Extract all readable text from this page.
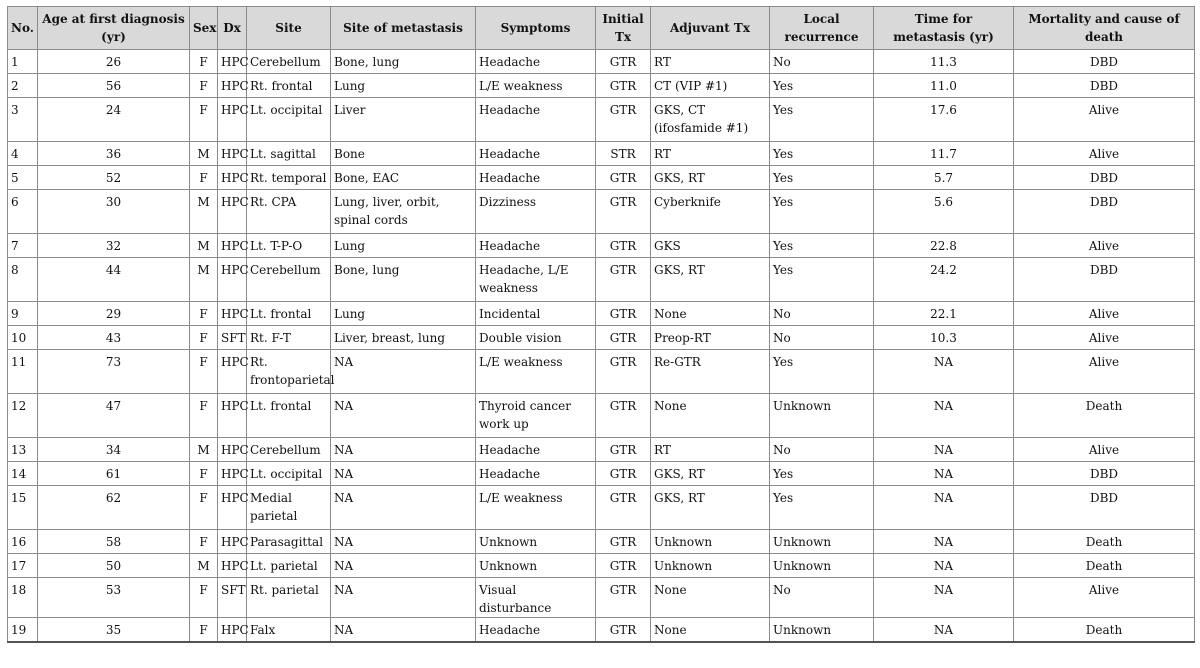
No.	Age at first diagnosis (yr)	Sex	Dx	Site	Site of metastasis	Symptoms	Initial Tx	Adjuvant Tx	Local recurrence	Time for metastasis (yr)	Mortality and cause of death
1	26	F	HPC	Cerebellum	Bone, lung	Headache	GTR	RT	No	11.3	DBD
2	56	F	HPC	Rt. frontal	Lung	L/E weakness	GTR	CT (VIP #1)	Yes	11.0	DBD
3	24	F	HPC	Lt. occipital	Liver	Headache	GTR	GKS, CT (ifosfamide #1)	Yes	17.6	Alive
4	36	M	HPC	Lt. sagittal	Bone	Headache	STR	RT	Yes	11.7	Alive
5	52	F	HPC	Rt. temporal	Bone, EAC	Headache	GTR	GKS, RT	Yes	5.7	DBD
6	30	M	HPC	Rt. CPA	Lung, liver, orbit, spinal cords	Dizziness	GTR	Cyberknife	Yes	5.6	DBD
7	32	M	HPC	Lt. T-P-O	Lung	Headache	GTR	GKS	Yes	22.8	Alive
8	44	M	HPC	Cerebellum	Bone, lung	Headache, L/E weakness	GTR	GKS, RT	Yes	24.2	DBD
9	29	F	HPC	Lt. frontal	Lung	Incidental	GTR	None	No	22.1	Alive
10	43	F	SFT	Rt. F-T	Liver, breast, lung	Double vision	GTR	Preop-RT	No	10.3	Alive
11	73	F	HPC	Rt. frontoparietal	NA	L/E weakness	GTR	Re-GTR	Yes	NA	Alive
12	47	F	HPC	Lt. frontal	NA	Thyroid cancer work up	GTR	None	Unknown	NA	Death
13	34	M	HPC	Cerebellum	NA	Headache	GTR	RT	No	NA	Alive
14	61	F	HPC	Lt. occipital	NA	Headache	GTR	GKS, RT	Yes	NA	DBD
15	62	F	HPC	Medial parietal	NA	L/E weakness	GTR	GKS, RT	Yes	NA	DBD
16	58	F	HPC	Parasagittal	NA	Unknown	GTR	Unknown	Unknown	NA	Death
17	50	M	HPC	Lt. parietal	NA	Unknown	GTR	Unknown	Unknown	NA	Death
18	53	F	SFT	Rt. parietal	NA	Visual disturbance	GTR	None	No	NA	Alive
19	35	F	HPC	Falx	NA	Headache	GTR	None	Unknown	NA	Death
